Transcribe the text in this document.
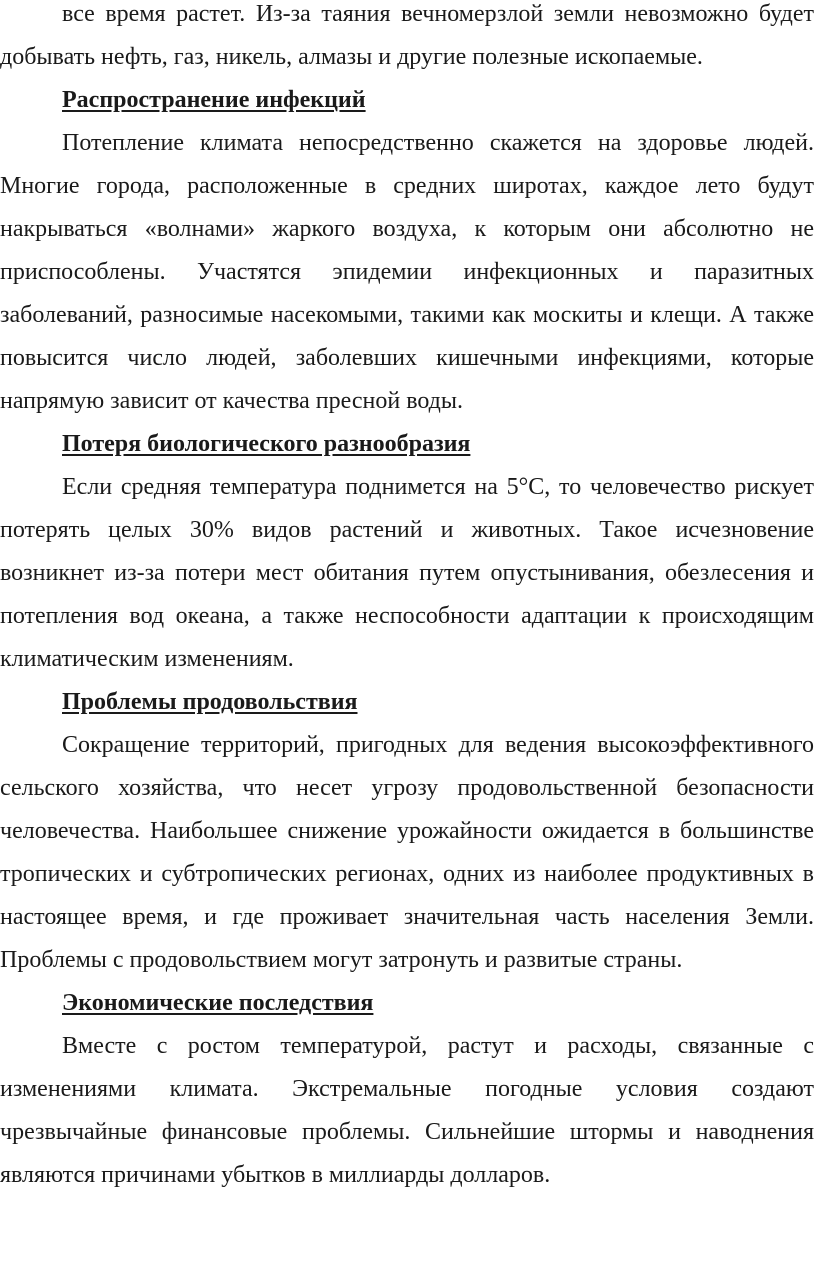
все время растет. Из-за таяния вечномерзлой земли невозможно будет добывать нефть, газ, никель, алмазы и другие полезные ископаемые.

Распространение инфекций

Потепление климата непосредственно скажется на здоровье людей. Многие города, расположенные в средних широтах, каждое лето будут накрываться «волнами» жаркого воздуха, к которым они абсолютно не приспособлены. Участятся эпидемии инфекционных и паразитных заболеваний, разносимые насекомыми, такими как москиты и клещи. А также повысится число людей, заболевших кишечными инфекциями, которые напрямую зависит от качества пресной воды.

Потеря биологического разнообразия

Если средняя температура поднимется на 5°C, то человечество рискует потерять целых 30% видов растений и животных. Такое исчезновение возникнет из-за потери мест обитания путем опустынивания, обезлесения и потепления вод океана, а также неспособности адаптации к происходящим климатическим изменениям.

Проблемы продовольствия

Сокращение территорий, пригодных для ведения высокоэффективного сельского хозяйства, что несет угрозу продовольственной безопасности человечества. Наибольшее снижение урожайности ожидается в большинстве тропических и субтропических регионах, одних из наиболее продуктивных в настоящее время, и где проживает значительная часть населения Земли. Проблемы с продовольствием могут затронуть и развитые страны.

Экономические последствия

Вместе с ростом температурой, растут и расходы, связанные с изменениями климата. Экстремальные погодные условия создают чрезвычайные финансовые проблемы. Сильнейшие штормы и наводнения являются причинами убытков в миллиарды долларов.
